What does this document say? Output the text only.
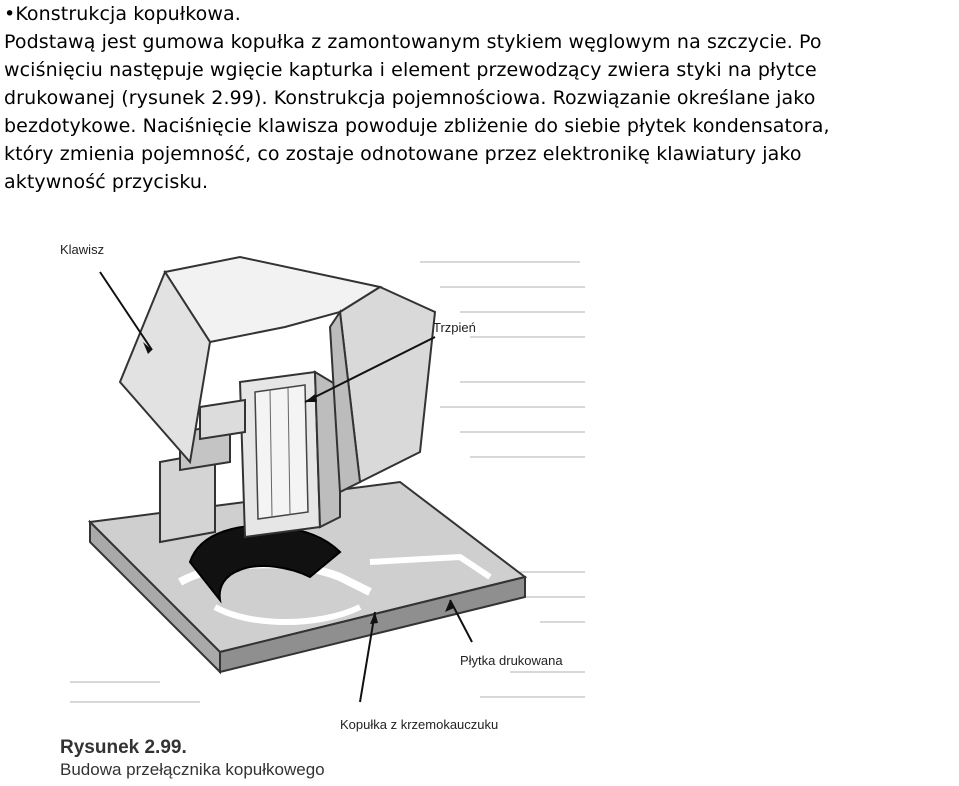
•Konstrukcja kopułkowa.

Podstawą jest gumowa kopułka z zamontowanym stykiem węglowym na szczycie. Po

wciśnięciu następuje wgięcie kapturka i element przewodzący zwiera styki na płytce

drukowanej (rysunek 2.99). Konstrukcja pojemnościowa. Rozwiązanie określane jako

bezdotykowe. Naciśnięcie klawisza powoduje zbliżenie do siebie płytek kondensatora,

który zmienia pojemność, co zostaje odnotowane przez elektronikę klawiatury jako

aktywność przycisku.

Klawisz
Trzpień
Płytka drukowana
Kopułka z krzemokauczuku
Rysunek 2.99.
Budowa przełącznika kopułkowego
